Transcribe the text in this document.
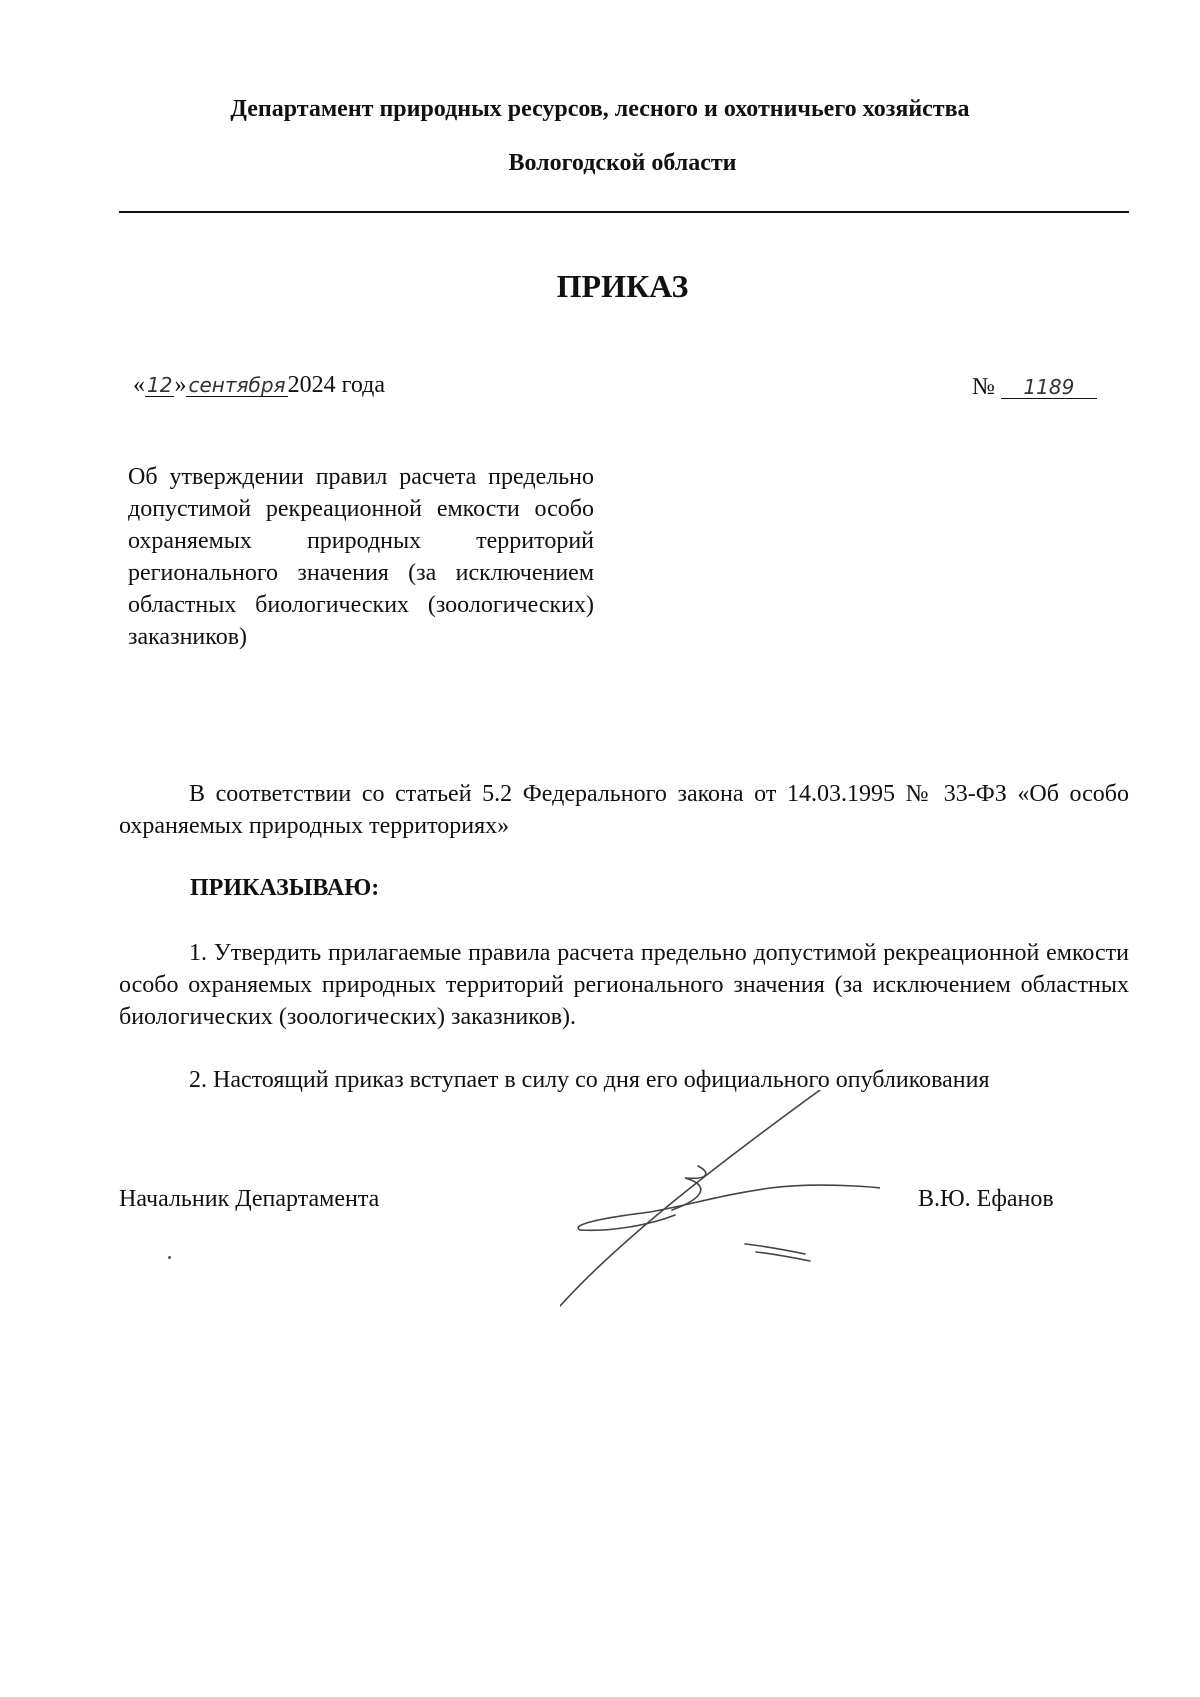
Департамент природных ресурсов, лесного и охотничьего хозяйства
Вологодской области
ПРИКАЗ
« 12» сентября2024 года	№ 1189
Об утверждении правил расчета предельно допустимой рекреационной емкости особо охраняемых природных территорий регионального значения (за исключением областных биологических (зоологических) заказников)
В соответствии со статьей 5.2 Федерального закона от 14.03.1995 № 33-ФЗ «Об особо охраняемых природных территориях»
ПРИКАЗЫВАЮ:
1. Утвердить прилагаемые правила расчета предельно допустимой рекреационной емкости особо охраняемых природных территорий регионального значения (за исключением областных биологических (зоологических) заказников).
2. Настоящий приказ вступает в силу со дня его официального опубликования
Начальник Департамента	В.Ю. Ефанов
